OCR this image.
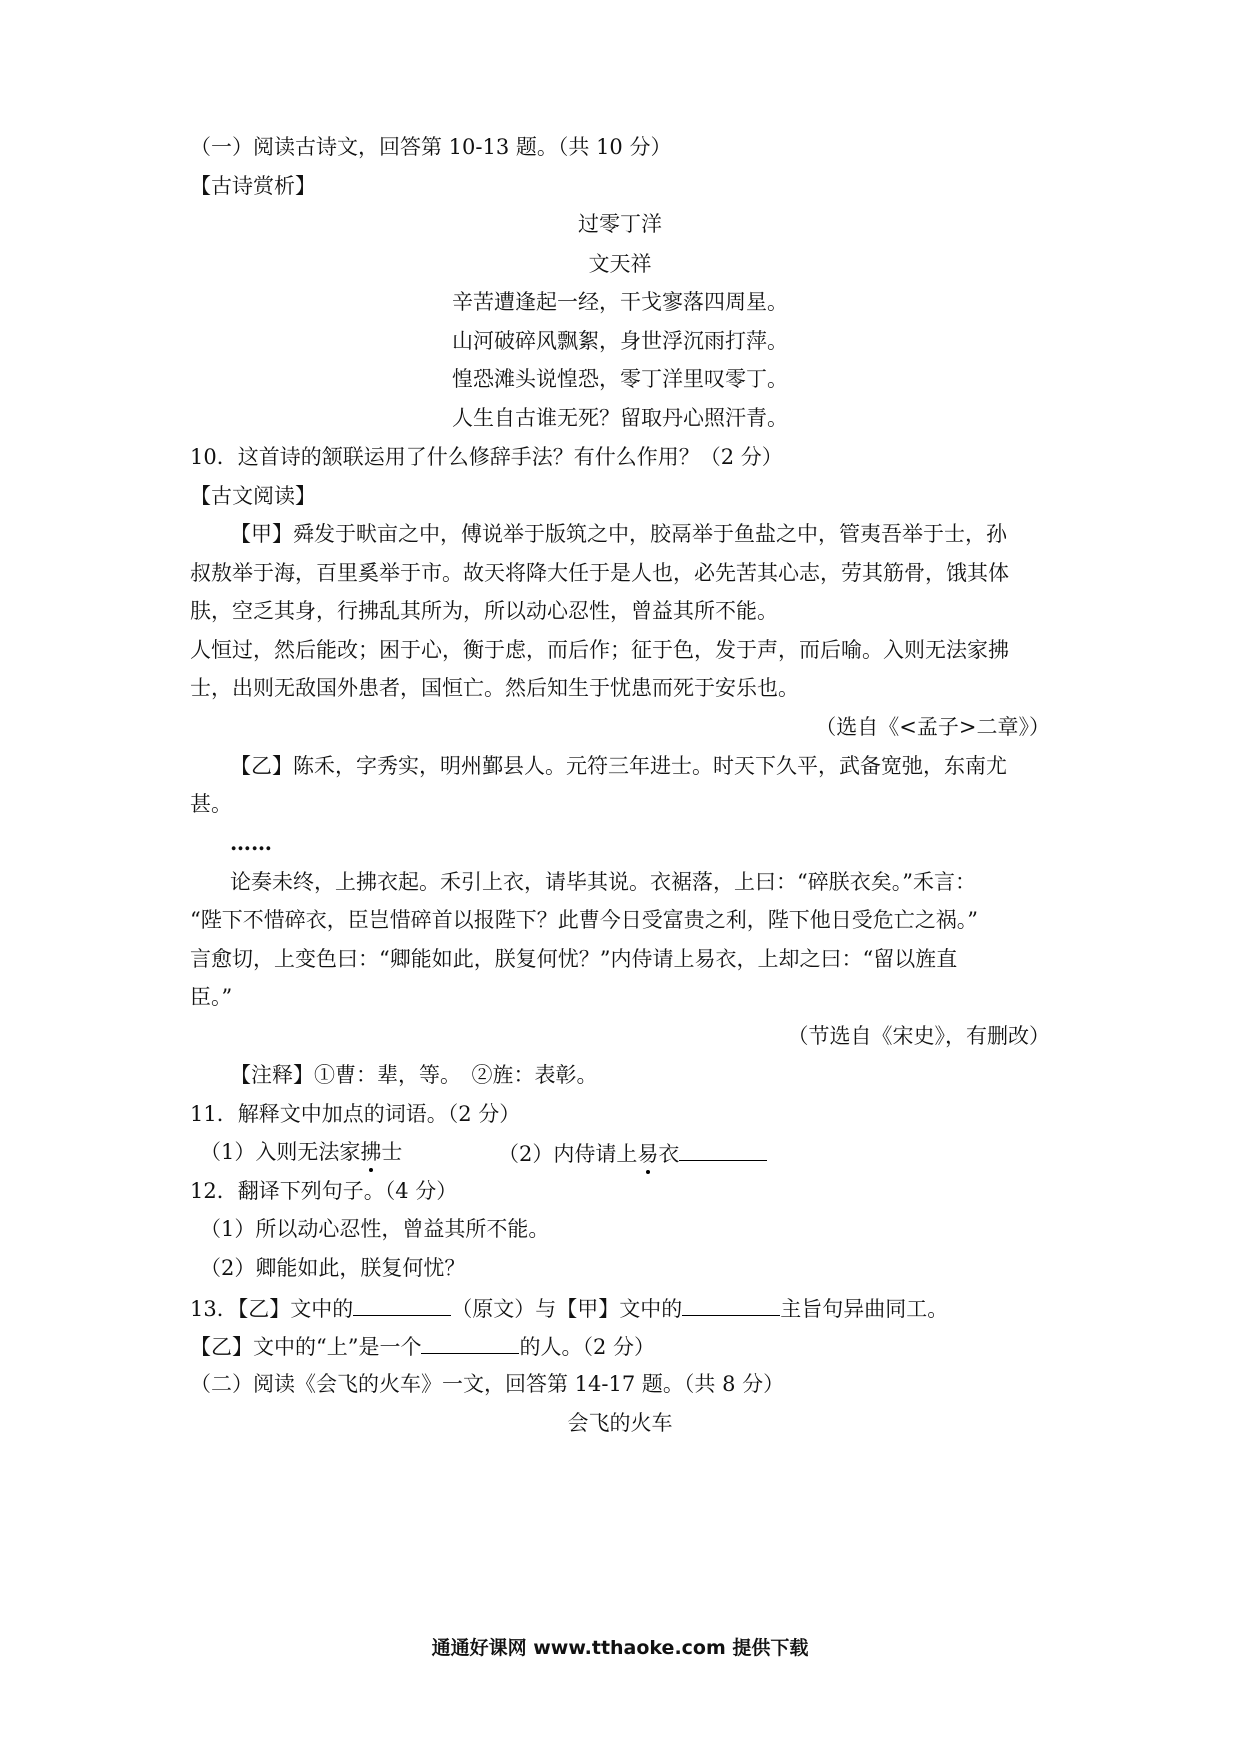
（一）阅读古诗文，回答第 10-13 题。（共 10 分）
【古诗赏析】
过零丁洋
文天祥
辛苦遭逢起一经，干戈寥落四周星。
山河破碎风飘絮，身世浮沉雨打萍。
惶恐滩头说惶恐，零丁洋里叹零丁。
人生自古谁无死？留取丹心照汗青。
10．这首诗的颔联运用了什么修辞手法？有什么作用？（2 分）
【古文阅读】
【甲】舜发于畎亩之中，傅说举于版筑之中，胶鬲举于鱼盐之中，管夷吾举于士，孙
叔敖举于海，百里奚举于市。故天将降大任于是人也，必先苦其心志，劳其筋骨，饿其体
肤，空乏其身，行拂乱其所为，所以动心忍性，曾益其所不能。
人恒过，然后能改；困于心，衡于虑，而后作；征于色，发于声，而后喻。入则无法家拂
士，出则无敌国外患者，国恒亡。然后知生于忧患而死于安乐也。
（选自《<孟子>二章》）
【乙】陈禾，字秀实，明州鄞县人。元符三年进士。时天下久平，武备宽弛，东南尤
甚。
……
论奏未终，上拂衣起。禾引上衣，请毕其说。衣裾落，上曰：“碎朕衣矣。”禾言：
“陛下不惜碎衣，臣岂惜碎首以报陛下？此曹今日受富贵之利，陛下他日受危亡之祸。”
言愈切，上变色曰：“卿能如此，朕复何忧？”内侍请上易衣，上却之曰：“留以旌直
臣。”
（节选自《宋史》，有删改）
【注释】①曹：辈，等。　②旌：表彰。
11．解释文中加点的词语。（2 分）
（1）入则无法家拂士	（2）内侍请上易衣
12．翻译下列句子。（4 分）
（1）所以动心忍性，曾益其所不能。
（2）卿能如此，朕复何忧？
13．【乙】文中的	（原文）与【甲】文中的	主旨句异曲同工。
【乙】文中的“上”是一个	的人。（2 分）
（二）阅读《会飞的火车》一文，回答第 14-17 题。（共 8 分）
会飞的火车
通通好课网 www.tthaoke.com 提供下载
